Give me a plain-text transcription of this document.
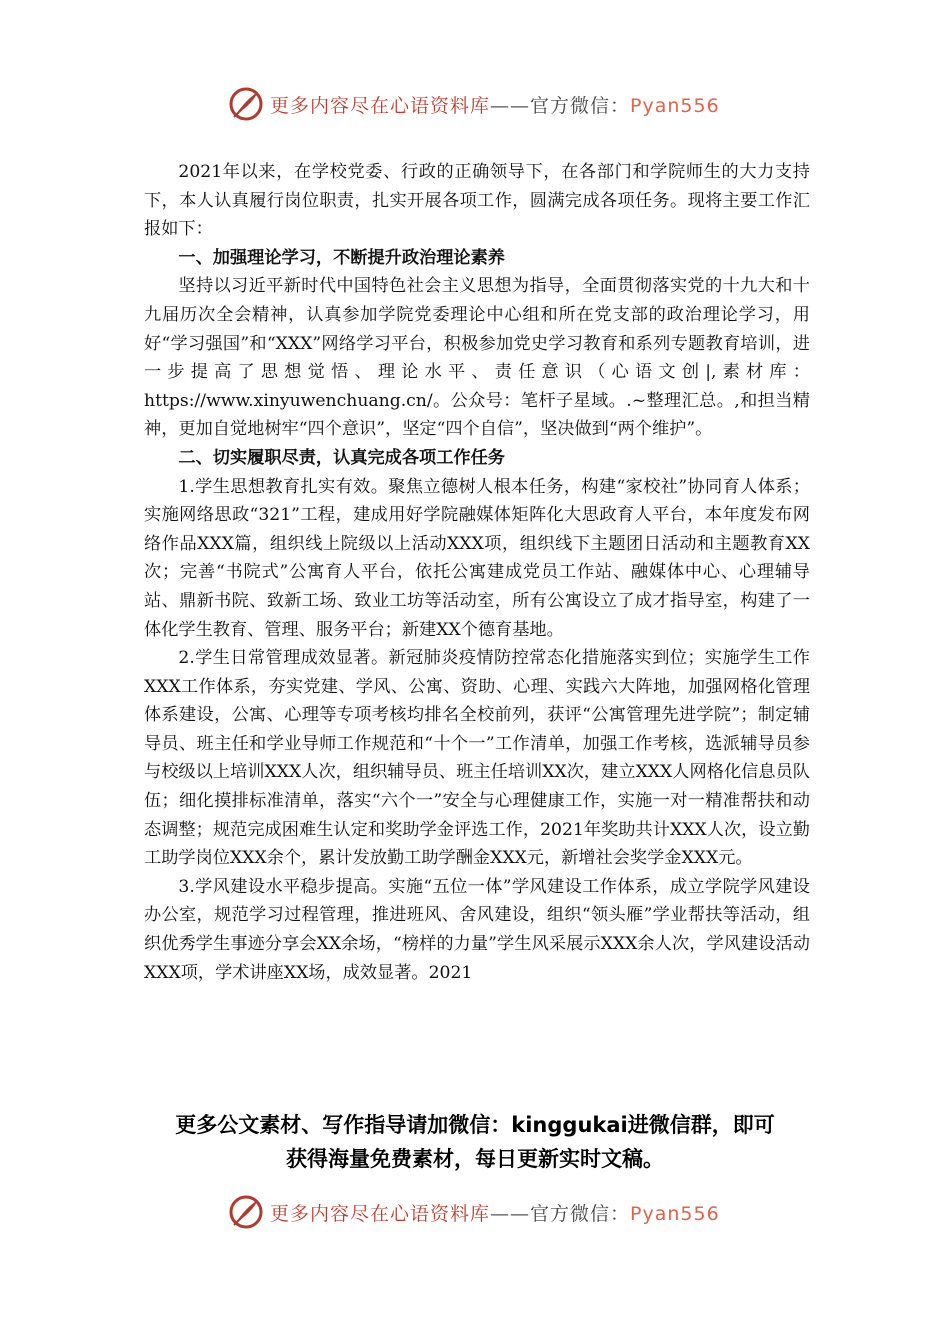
更多内容尽在心语资料库——官方微信：Pyan556

2021年以来，在学校党委、行政的正确领导下，在各部门和学院师生的大力支持下，本人认真履行岗位职责，扎实开展各项工作，圆满完成各项任务。现将主要工作汇报如下：

一、加强理论学习，不断提升政治理论素养

坚持以习近平新时代中国特色社会主义思想为指导，全面贯彻落实党的十九大和十九届历次全会精神，认真参加学院党委理论中心组和所在党支部的政治理论学习，用好“学习强国”和“XXX”网络学习平台，积极参加党史学习教育和系列专题教育培训，进一步提高了思想觉悟、理论水平、责任意识（心语文创|,素材库：https://www.xinyuwenchuang.cn/。公众号：笔杆子星域。.~整理汇总。,和担当精神，更加自觉地树牢“四个意识”，坚定“四个自信”，坚决做到“两个维护”。

二、切实履职尽责，认真完成各项工作任务

1.学生思想教育扎实有效。聚焦立德树人根本任务，构建“家校社”协同育人体系；实施网络思政“321”工程，建成用好学院融媒体矩阵化大思政育人平台，本年度发布网络作品XXX篇，组织线上院级以上活动XXX项，组织线下主题团日活动和主题教育XX次；完善“书院式”公寓育人平台，依托公寓建成党员工作站、融媒体中心、心理辅导站、鼎新书院、致新工场、致业工坊等活动室，所有公寓设立了成才指导室，构建了一体化学生教育、管理、服务平台；新建XX个德育基地。

2.学生日常管理成效显著。新冠肺炎疫情防控常态化措施落实到位；实施学生工作XXX工作体系，夯实党建、学风、公寓、资助、心理、实践六大阵地，加强网格化管理体系建设，公寓、心理等专项考核均排名全校前列，获评“公寓管理先进学院”；制定辅导员、班主任和学业导师工作规范和“十个一”工作清单，加强工作考核，选派辅导员参与校级以上培训XXX人次，组织辅导员、班主任培训XX次，建立XXX人网格化信息员队伍；细化摸排标准清单，落实“六个一”安全与心理健康工作，实施一对一精准帮扶和动态调整；规范完成困难生认定和奖助学金评选工作，2021年奖助共计XXX人次，设立勤工助学岗位XXX余个，累计发放勤工助学酬金XXX元，新增社会奖学金XXX元。

3.学风建设水平稳步提高。实施“五位一体”学风建设工作体系，成立学院学风建设办公室，规范学习过程管理，推进班风、舍风建设，组织“领头雁”学业帮扶等活动，组织优秀学生事迹分享会XX余场，“榜样的力量”学生风采展示XXX余人次，学风建设活动XXX项，学术讲座XX场，成效显著。2021

更多公文素材、写作指导请加微信：kinggukai进微信群，即可
获得海量免费素材，每日更新实时文稿。
更多内容尽在心语资料库——官方微信：Pyan556
